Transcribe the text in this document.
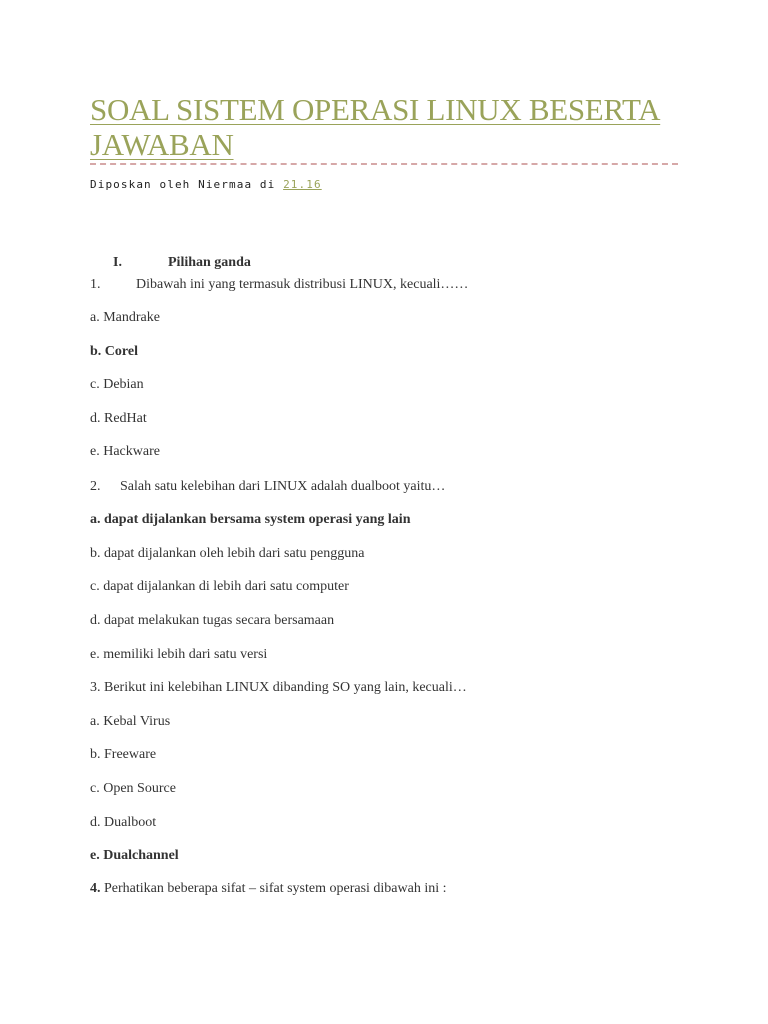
SOAL SISTEM OPERASI LINUX BESERTA JAWABAN
Diposkan oleh Niermaa di 21.16
I.	Pilihan ganda
1.	Dibawah ini yang termasuk distribusi LINUX, kecuali……
a. Mandrake
b. Corel
c. Debian
d. RedHat
e. Hackware
2. Salah satu kelebihan dari LINUX adalah dualboot yaitu…
a. dapat dijalankan bersama system operasi yang lain
b. dapat dijalankan oleh lebih dari satu pengguna
c. dapat dijalankan di lebih dari satu computer
d. dapat melakukan tugas secara bersamaan
e. memiliki lebih dari satu versi
3. Berikut ini kelebihan LINUX dibanding SO yang lain, kecuali…
a. Kebal Virus
b. Freeware
c. Open Source
d. Dualboot
e. Dualchannel
4. Perhatikan beberapa sifat – sifat system operasi dibawah ini :
